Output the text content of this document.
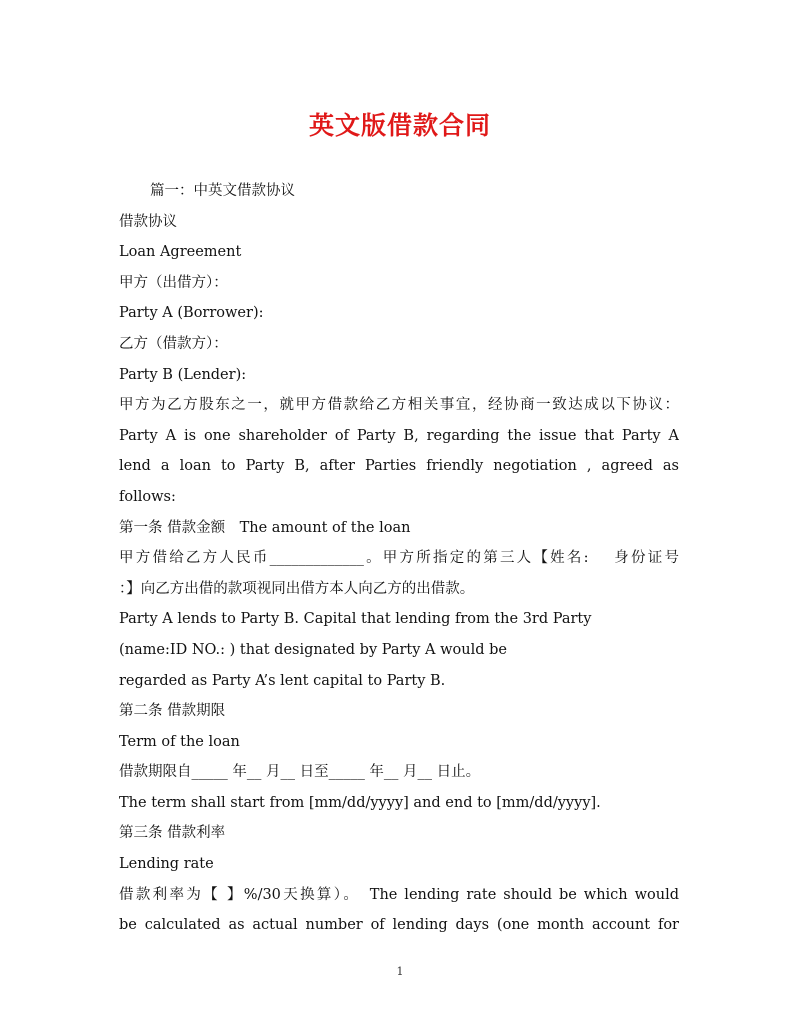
英文版借款合同
篇一：中英文借款协议
借款协议
Loan Agreement
甲方（出借方）：
Party A (Borrower):
乙方（借款方）：
Party B (Lender):
甲方为乙方股东之一，就甲方借款给乙方相关事宜，经协商一致达成以下协议：
Party A is one shareholder of Party B, regarding the issue that Party A
lend a loan to Party B, after Parties friendly negotiation , agreed as
follows:
第一条 借款金额　The amount of the loan
甲方借给乙方人民币_____________。甲方所指定的第三人【姓名:　 身份证号
：】向乙方出借的款项视同出借方本人向乙方的出借款。
Party A lends to Party B. Capital that lending from the 3rd Party
(name:ID NO.: ) that designated by Party A would be
regarded as Party A’s lent capital to Party B.
第二条 借款期限
Term of the loan
借款期限自_____ 年__ 月__ 日至_____ 年__ 月__ 日止。
The term shall start from [mm/dd/yyyy] and end to [mm/dd/yyyy].
第三条 借款利率
Lending rate
借款利率为【 】%/30天换算）。　The lending rate should be which would
be calculated as actual number of lending days (one month account for
1
